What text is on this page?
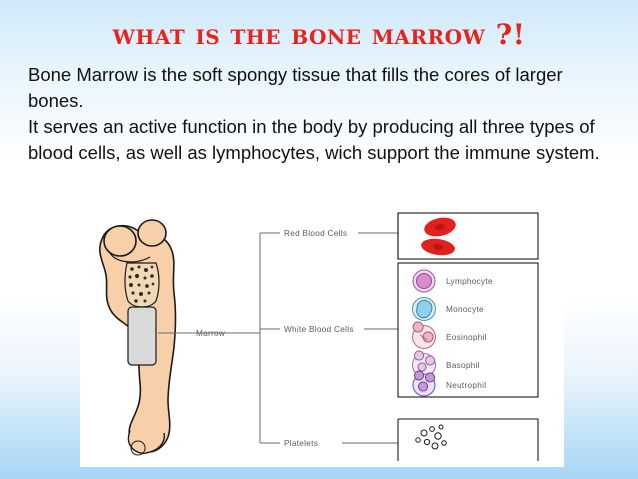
what is the bone marrow ?!

Bone Marrow is the soft spongy tissue that fills the cores of larger bones.

It serves an active function in the body by producing all three types of blood cells, as well as lymphocytes, wich support the immune system.

Marrow
Red Blood Cells
White Blood Cells
Platelets
Lymphocyte
Monocyte
Eosinophil
Basophil
Neutrophil
